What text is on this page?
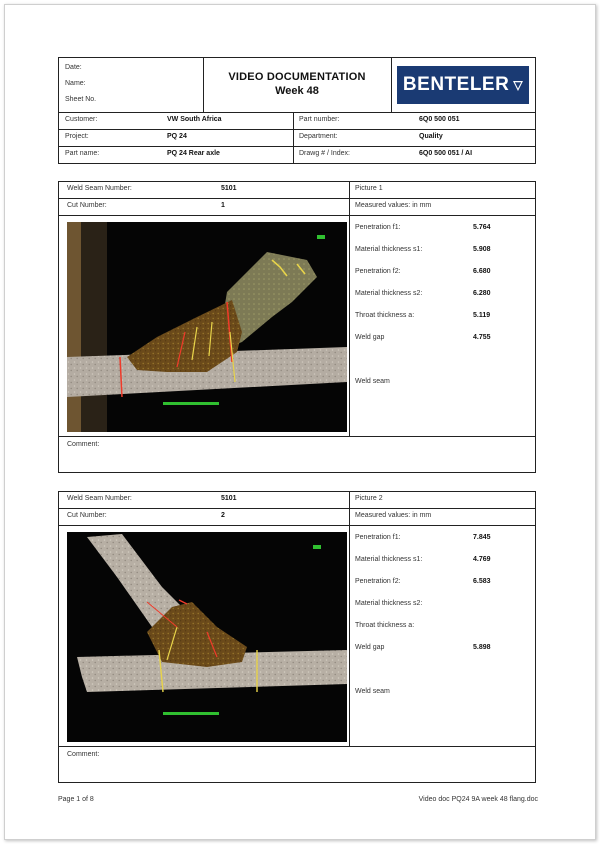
Date:
Name:
Sheet No.
VIDEO DOCUMENTATION
Week 48	BENTELER ▽
Customer:	VW South Africa	Part number:	6Q0 500 051
Project:	PQ 24	Department:	Quality
Part name:	PQ 24 Rear axle	Drawg # / Index:	6Q0 500 051 / AI
Weld Seam Number:	5101
Cut Number:	1
Picture 1
Measured values: in mm
Penetration f1:	5.764
Material thickness s1:	5.908
Penetration f2:	6.680
Material thickness s2:	6.280
Throat thickness a:	5.119
Weld gap	4.755
Weld seam
Comment:
Weld Seam Number:	5101
Cut Number:	2
Picture 2
Measured values: in mm
Penetration f1:	7.845
Material thickness s1:	4.769
Penetration f2:	6.583
Material thickness s2:
Throat thickness a:
Weld gap	5.898
Weld seam
Comment:
Page 1 of 8	Video doc PQ24 9A week 48 flang.doc
